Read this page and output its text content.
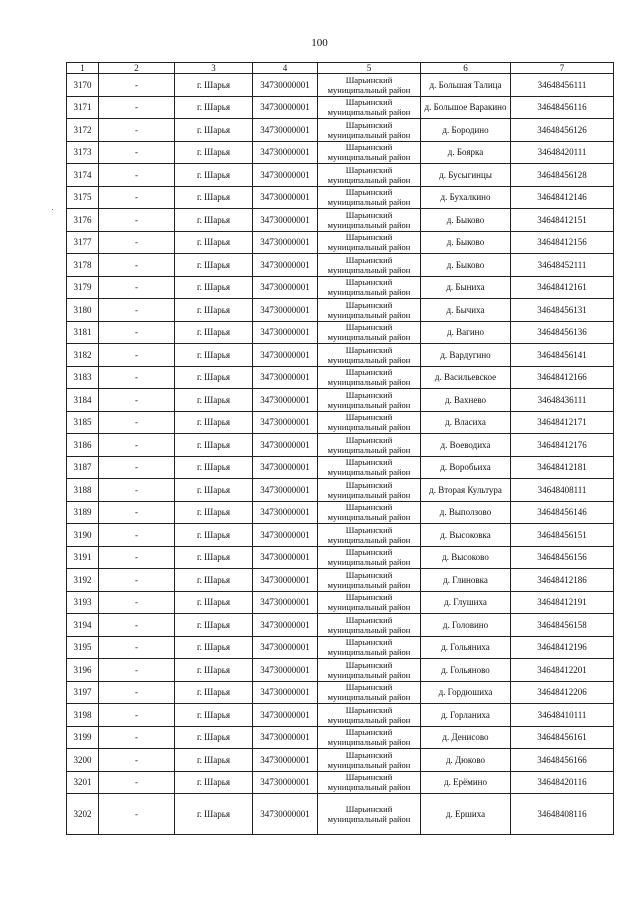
100
1	2	3	4	5	6	7
3170	-	г. Шарья	34730000001	Шарьинский муниципальный район	д. Большая Талица	34648456111
3171	-	г. Шарья	34730000001	Шарьинский муниципальный район	д. Большое Варакино	34648456116
3172	-	г. Шарья	34730000001	Шарьинский муниципальный район	д. Бородино	34648456126
3173	-	г. Шарья	34730000001	Шарьинский муниципальный район	д. Боярка	34648420111
3174	-	г. Шарья	34730000001	Шарьинский муниципальный район	д. Бусыгинцы	34648456128
3175	-	г. Шарья	34730000001	Шарьинский муниципальный район	д. Бухалкино	34648412146
3176	-	г. Шарья	34730000001	Шарьинский муниципальный район	д. Быково	34648412151
3177	-	г. Шарья	34730000001	Шарьинский муниципальный район	д. Быково	34648412156
3178	-	г. Шарья	34730000001	Шарьинский муниципальный район	д. Быково	34648452111
3179	-	г. Шарья	34730000001	Шарьинский муниципальный район	д. Быниха	34648412161
3180	-	г. Шарья	34730000001	Шарьинский муниципальный район	д. Бычиха	34648456131
3181	-	г. Шарья	34730000001	Шарьинский муниципальный район	д. Вагино	34648456136
3182	-	г. Шарья	34730000001	Шарьинский муниципальный район	д. Вардугино	34648456141
3183	-	г. Шарья	34730000001	Шарьинский муниципальный район	д. Васильевское	34648412166
3184	-	г. Шарья	34730000001	Шарьинский муниципальный район	д. Вахнево	34648436111
3185	-	г. Шарья	34730000001	Шарьинский муниципальный район	д. Власиха	34648412171
3186	-	г. Шарья	34730000001	Шарьинский муниципальный район	д. Воеводиха	34648412176
3187	-	г. Шарья	34730000001	Шарьинский муниципальный район	д. Воробьиха	34648412181
3188	-	г. Шарья	34730000001	Шарьинский муниципальный район	д. Вторая Культура	34648408111
3189	-	г. Шарья	34730000001	Шарьинский муниципальный район	д. Выползово	34648456146
3190	-	г. Шарья	34730000001	Шарьинский муниципальный район	д. Высоковка	34648456151
3191	-	г. Шарья	34730000001	Шарьинский муниципальный район	д. Высоково	34648456156
3192	-	г. Шарья	34730000001	Шарьинский муниципальный район	д. Глиновка	34648412186
3193	-	г. Шарья	34730000001	Шарьинский муниципальный район	д. Глушиха	34648412191
3194	-	г. Шарья	34730000001	Шарьинский муниципальный район	д. Головино	34648456158
3195	-	г. Шарья	34730000001	Шарьинский муниципальный район	д. Гольяниха	34648412196
3196	-	г. Шарья	34730000001	Шарьинский муниципальный район	д. Гольяново	34648412201
3197	-	г. Шарья	34730000001	Шарьинский муниципальный район	д. Гордюшиха	34648412206
3198	-	г. Шарья	34730000001	Шарьинский муниципальный район	д. Горланиха	34648410111
3199	-	г. Шарья	34730000001	Шарьинский муниципальный район	д. Денисово	34648456161
3200	-	г. Шарья	34730000001	Шарьинский муниципальный район	д. Дюково	34648456166
3201	-	г. Шарья	34730000001	Шарьинский муниципальный район	д. Ерёмино	34648420116
3202	-	г. Шарья	34730000001	Шарьинский муниципальный район	д. Ершиха	34648408116
